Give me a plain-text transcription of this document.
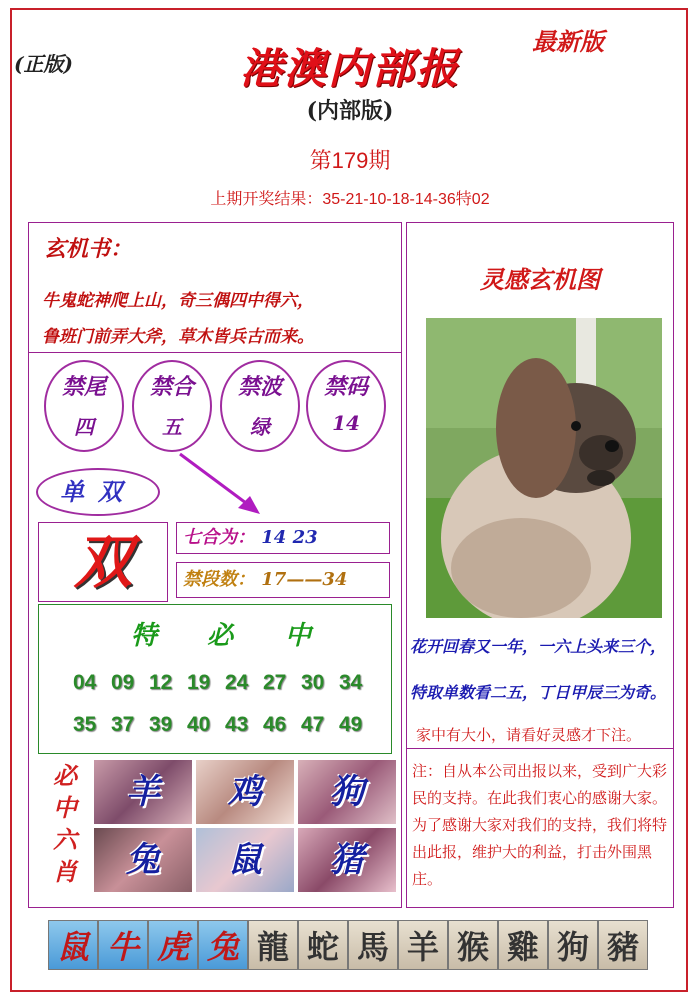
(正版)
最新版
港澳内部报
(内部版)
第179期
上期开奖结果：35-21-10-18-14-36特02
玄机书：
牛鬼蛇神爬上山，奇三偶四中得六，
鲁班门前弄大斧，草木皆兵古而来。
禁尾
四
禁合
五
禁波
绿
禁码
14
单双
双	七合为： 14 23
禁段数： 17——34
特 必 中
04 09 12 19 24 27 30 34
35 37 39 40 43 46 47 49
必
中
六
肖
羊	鸡	狗
兔	鼠	猪
灵感玄机图
花开回春又一年，一六上头来三个，
特取单数看二五，丁日甲辰三为奇。
家中有大小，请看好灵感才下注。
注：自从本公司出报以来，受到广大彩民的支持。在此我们衷心的感谢大家。为了感谢大家对我们的支持，我们将特出此报，维护大的利益，打击外围黑庄。
鼠 牛 虎 兔 龍 蛇 馬 羊 猴 雞 狗 豬
